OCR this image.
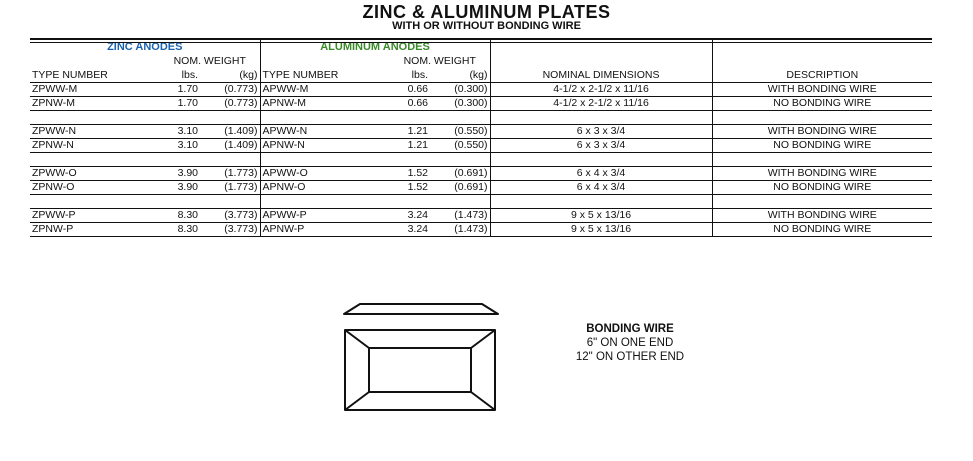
ZINC & ALUMINUM PLATES
WITH OR WITHOUT BONDING WIRE
ZINC ANODES			ALUMINUM ANODES				
	NOM. WEIGHT			NOM. WEIGHT			
TYPE NUMBER	lbs.	(kg)	TYPE NUMBER	lbs.	(kg)	NOMINAL DIMENSIONS	DESCRIPTION
ZPWW-M	1.70	(0.773)	APWW-M	0.66	(0.300)	4-1/2 x 2-1/2 x 11/16	WITH BONDING WIRE
ZPNW-M	1.70	(0.773)	APNW-M	0.66	(0.300)	4-1/2 x 2-1/2 x 11/16	NO BONDING WIRE

ZPWW-N	3.10	(1.409)	APWW-N	1.21	(0.550)	6 x 3 x 3/4	WITH BONDING WIRE
ZPNW-N	3.10	(1.409)	APNW-N	1.21	(0.550)	6 x 3 x 3/4	NO BONDING WIRE

ZPWW-O	3.90	(1.773)	APWW-O	1.52	(0.691)	6 x 4 x 3/4	WITH BONDING WIRE
ZPNW-O	3.90	(1.773)	APNW-O	1.52	(0.691)	6 x 4 x 3/4	NO BONDING WIRE

ZPWW-P	8.30	(3.773)	APWW-P	3.24	(1.473)	9 x 5 x 13/16	WITH BONDING WIRE
ZPNW-P	8.30	(3.773)	APNW-P	3.24	(1.473)	9 x 5 x 13/16	NO BONDING WIRE
BONDING WIRE
6" ON ONE END
12" ON OTHER END
